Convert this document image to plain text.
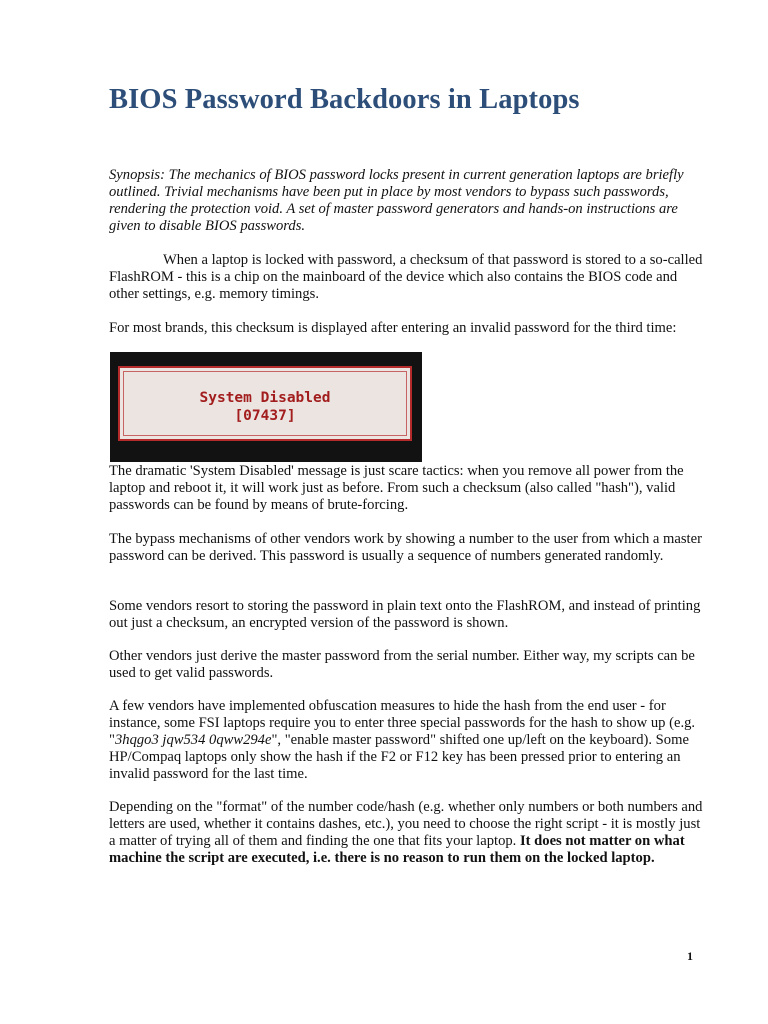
BIOS Password Backdoors in Laptops

Synopsis: The mechanics of BIOS password locks present in current generation laptops are briefly outlined. Trivial mechanisms have been put in place by most vendors to bypass such passwords, rendering the protection void. A set of master password generators and hands-on instructions are given to disable BIOS passwords.

When a laptop is locked with password, a checksum of that password is stored to a so-called FlashROM - this is a chip on the mainboard of the device which also contains the BIOS code and other settings, e.g. memory timings.

For most brands, this checksum is displayed after entering an invalid password for the third time:

System Disabled
[07437]

The dramatic 'System Disabled' message is just scare tactics: when you remove all power from the laptop and reboot it, it will work just as before. From such a checksum (also called "hash"), valid passwords can be found by means of brute-forcing.

The bypass mechanisms of other vendors work by showing a number to the user from which a master password can be derived. This password is usually a sequence of numbers generated randomly.

Some vendors resort to storing the password in plain text onto the FlashROM, and instead of printing out just a checksum, an encrypted version of the password is shown.

Other vendors just derive the master password from the serial number. Either way, my scripts can be used to get valid passwords.

A few vendors have implemented obfuscation measures to hide the hash from the end user - for instance, some FSI laptops require you to enter three special passwords for the hash to show up (e.g. "3hqgo3 jqw534 0qww294e", "enable master password" shifted one up/left on the keyboard). Some HP/Compaq laptops only show the hash if the F2 or F12 key has been pressed prior to entering an invalid password for the last time.

Depending on the "format" of the number code/hash (e.g. whether only numbers or both numbers and letters are used, whether it contains dashes, etc.), you need to choose the right script - it is mostly just a matter of trying all of them and finding the one that fits your laptop. It does not matter on what machine the script are executed, i.e. there is no reason to run them on the locked laptop.

1
